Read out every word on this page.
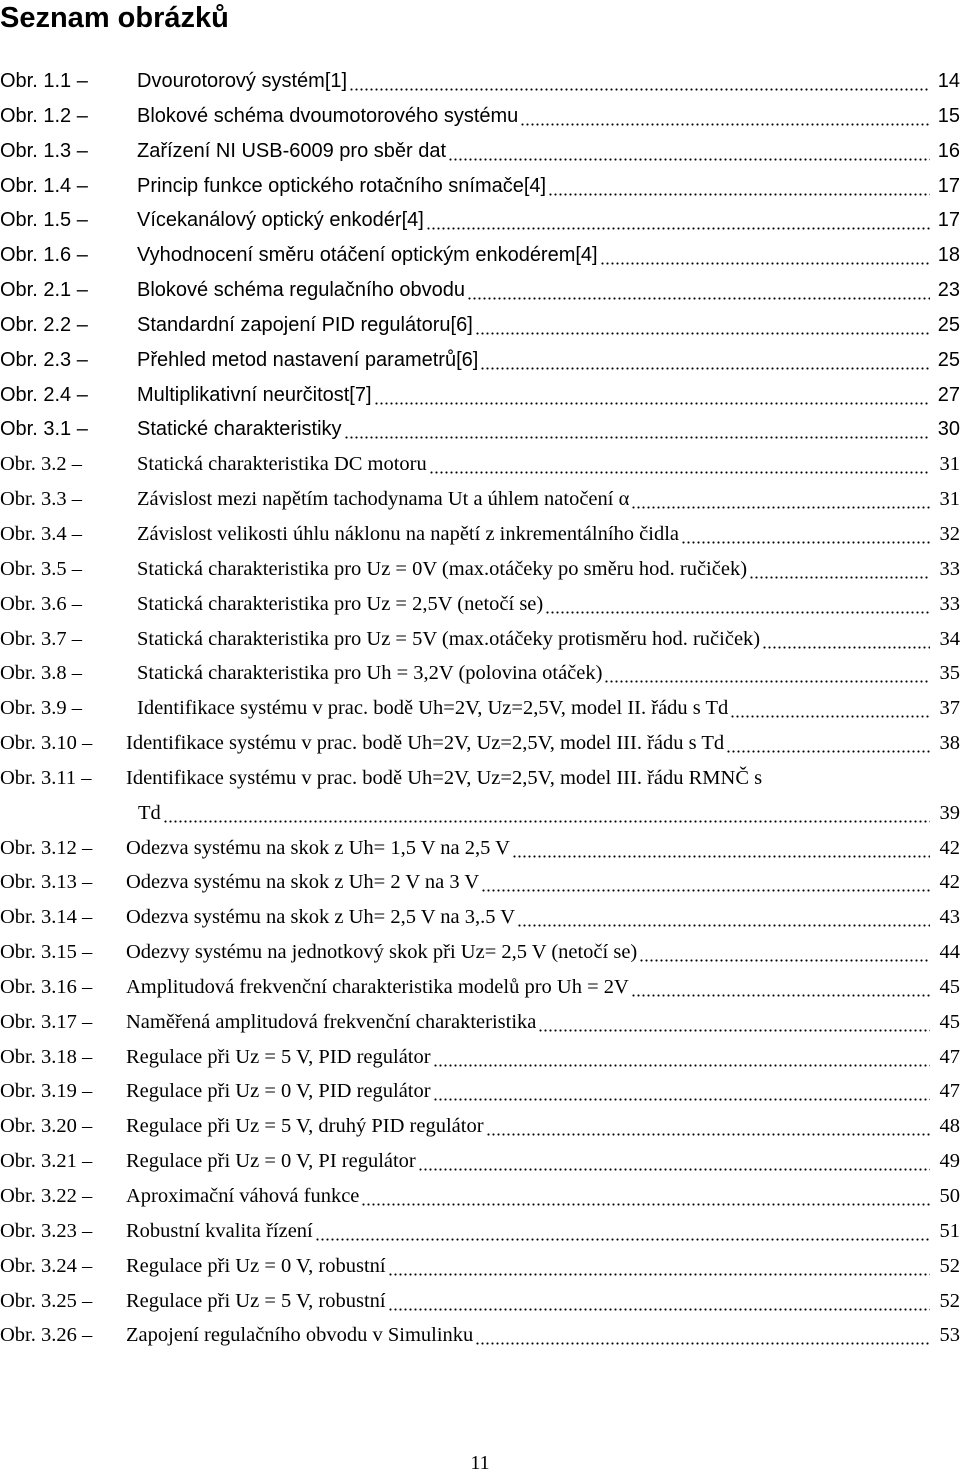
Seznam obrázků
Obr. 1.1 –	Dvourotorový systém[1]	14
Obr. 1.2 –	Blokové schéma dvoumotorového systému	15
Obr. 1.3 –	Zařízení NI USB-6009 pro sběr dat	16
Obr. 1.4 –	Princip funkce optického rotačního snímače[4]	17
Obr. 1.5 –	Vícekanálový optický enkodér[4]	17
Obr. 1.6 –	Vyhodnocení směru otáčení optickým enkodérem[4]	18
Obr. 2.1 –	Blokové schéma regulačního obvodu	23
Obr. 2.2 –	Standardní zapojení PID regulátoru[6]	25
Obr. 2.3 –	Přehled metod nastavení parametrů[6]	25
Obr. 2.4 –	Multiplikativní neurčitost[7]	27
Obr. 3.1 –	Statické charakteristiky	30
Obr. 3.2 –	Statická charakteristika DC motoru	31
Obr. 3.3 –	Závislost mezi napětím tachodynama Ut a úhlem natočení α	31
Obr. 3.4 –	Závislost velikosti úhlu náklonu na napětí z inkrementálního čidla	32
Obr. 3.5 –	Statická charakteristika pro Uz = 0V (max.otáčeky po směru hod. ručiček)	33
Obr. 3.6 –	Statická charakteristika pro Uz = 2,5V (netočí se)	33
Obr. 3.7 –	Statická charakteristika pro Uz = 5V (max.otáčeky protisměru hod. ručiček)	34
Obr. 3.8 –	Statická charakteristika pro Uh = 3,2V (polovina otáček)	35
Obr. 3.9 –	Identifikace systému v prac. bodě Uh=2V, Uz=2,5V, model II. řádu s Td	37
Obr. 3.10 –	Identifikace systému v prac. bodě Uh=2V, Uz=2,5V, model III. řádu s Td	38
Obr. 3.11 –	Identifikace systému v prac. bodě Uh=2V, Uz=2,5V, model III. řádu RMNČ s
Td	39
Obr. 3.12 –	Odezva systému na skok z Uh= 1,5 V na 2,5 V	42
Obr. 3.13 –	Odezva systému na skok z Uh= 2 V na 3 V	42
Obr. 3.14 –	Odezva systému na skok z Uh= 2,5 V na 3,.5 V	43
Obr. 3.15 –	Odezvy systému na jednotkový skok při Uz= 2,5 V (netočí se)	44
Obr. 3.16 –	Amplitudová frekvenční charakteristika modelů pro Uh = 2V	45
Obr. 3.17 –	Naměřená amplitudová frekvenční charakteristika	45
Obr. 3.18 –	Regulace při Uz = 5 V, PID regulátor	47
Obr. 3.19 –	Regulace při Uz = 0 V, PID regulátor	47
Obr. 3.20 –	Regulace při Uz = 5 V, druhý PID regulátor	48
Obr. 3.21 –	Regulace při Uz = 0 V, PI regulátor	49
Obr. 3.22 –	Aproximační váhová funkce	50
Obr. 3.23 –	Robustní kvalita řízení	51
Obr. 3.24 –	Regulace při Uz = 0 V, robustní	52
Obr. 3.25 –	Regulace při Uz = 5 V, robustní	52
Obr. 3.26 –	Zapojení regulačního obvodu v Simulinku	53
11
